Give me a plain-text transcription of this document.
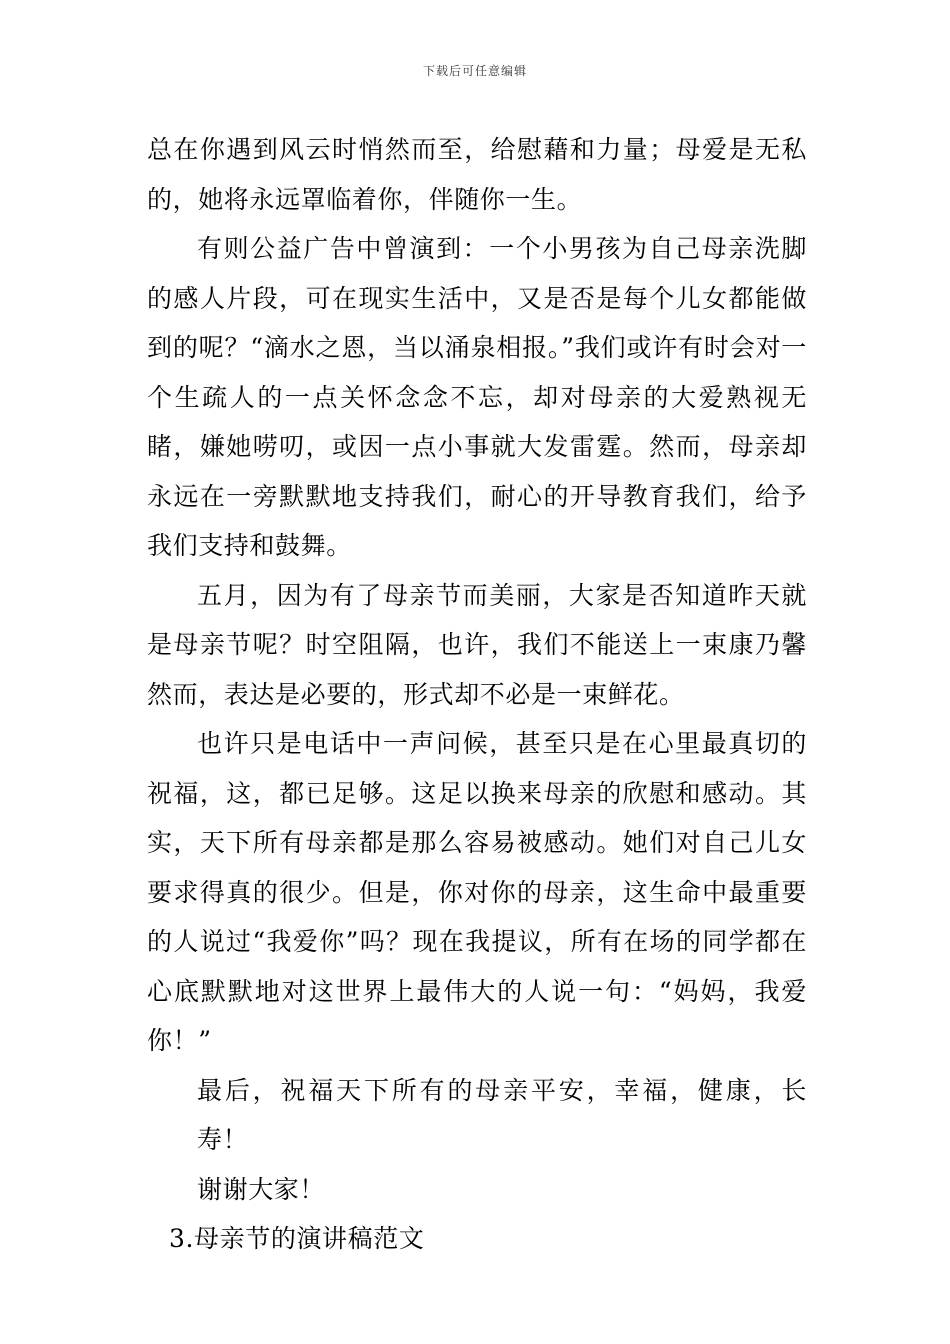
下载后可任意编辑

总在你遇到风云时悄然而至，给慰藉和力量；母爱是无私的，她将永远罩临着你，伴随你一生。

有则公益广告中曾演到：一个小男孩为自己母亲洗脚的感人片段，可在现实生活中，又是否是每个儿女都能做到的呢？“滴水之恩，当以涌泉相报。”我们或许有时会对一个生疏人的一点关怀念念不忘，却对母亲的大爱熟视无睹，嫌她唠叨，或因一点小事就大发雷霆。然而，母亲却永远在一旁默默地支持我们，耐心的开导教育我们，给予我们支持和鼓舞。

五月，因为有了母亲节而美丽，大家是否知道昨天就是母亲节呢？时空阻隔，也许，我们不能送上一束康乃馨然而，表达是必要的，形式却不必是一束鲜花。

也许只是电话中一声问候，甚至只是在心里最真切的祝福，这，都已足够。这足以换来母亲的欣慰和感动。其实，天下所有母亲都是那么容易被感动。她们对自己儿女要求得真的很少。但是，你对你的母亲，这生命中最重要的人说过“我爱你”吗？现在我提议，所有在场的同学都在心底默默地对这世界上最伟大的人说一句：“妈妈，我爱你！”

最后，祝福天下所有的母亲平安，幸福，健康，长寿！

谢谢大家！

3.母亲节的演讲稿范文
